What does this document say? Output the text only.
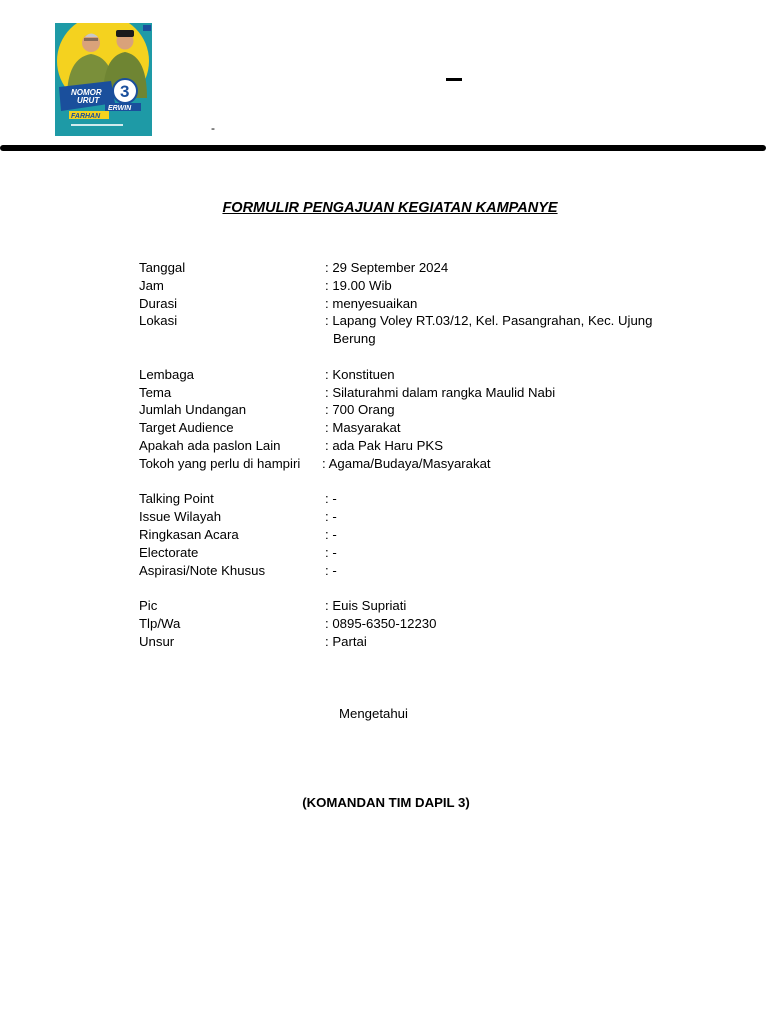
NOMOR
URUT 3
FARHAN
ERWIN
-
FORMULIR PENGAJUAN KEGIATAN KAMPANYE
Tanggal	: 29 September 2024
Jam	: 19.00 Wib
Durasi	: menyesuaikan
Lokasi	: Lapang Voley RT.03/12, Kel. Pasangrahan, Kec. Ujung
Berung
Lembaga	: Konstituen
Tema	: Silaturahmi dalam rangka Maulid Nabi
Jumlah Undangan	: 700 Orang
Target Audience	: Masyarakat
Apakah ada paslon Lain	: ada Pak Haru PKS
Tokoh yang perlu di hampiri	: Agama/Budaya/Masyarakat
Talking Point	: -
Issue Wilayah	: -
Ringkasan Acara	: -
Electorate	: -
Aspirasi/Note Khusus	: -
Pic	: Euis Supriati
Tlp/Wa	: 0895-6350-12230
Unsur	: Partai
Mengetahui
(KOMANDAN TIM DAPIL 3)
